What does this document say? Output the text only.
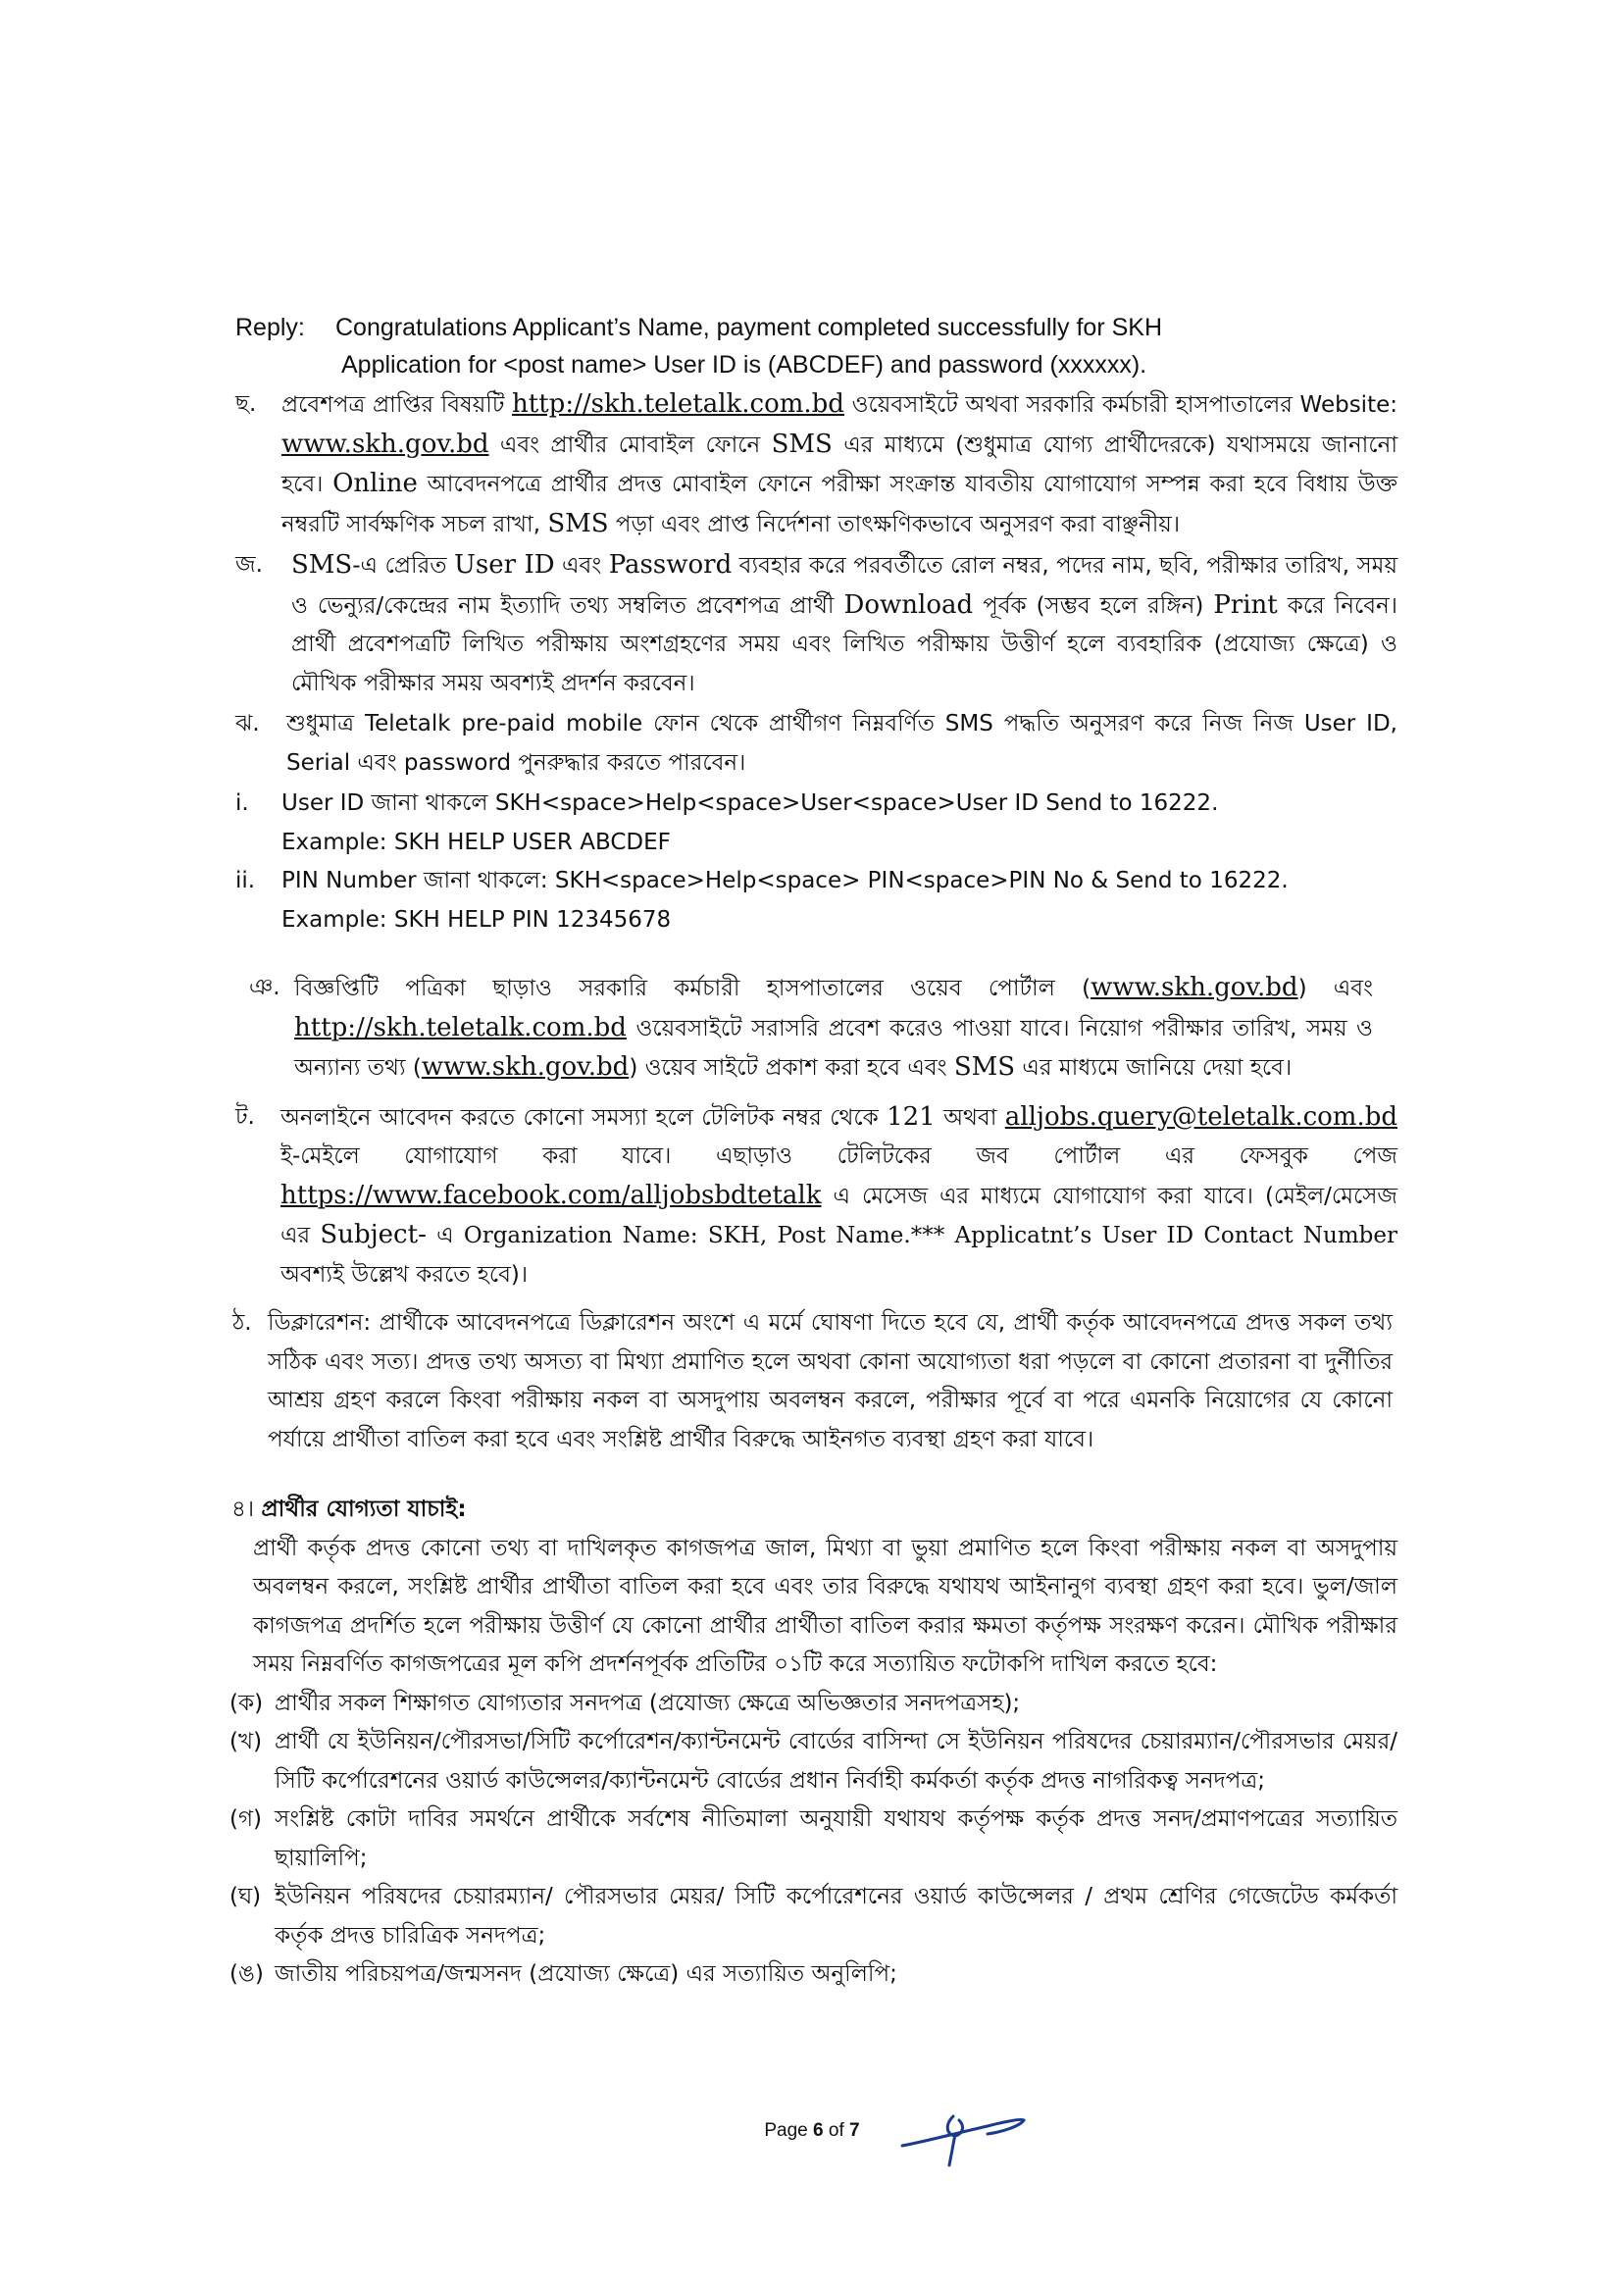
Reply: Congratulations Applicant’s Name, payment completed successfully for SKH
Application for <post name> User ID is (ABCDEF) and password (xxxxxx).

ছ. প্রবেশপত্র প্রাপ্তির বিষয়টি http://skh.teletalk.com.bd ওয়েবসাইটে অথবা সরকারি কর্মচারী হাসপাতালের Website: www.skh.gov.bd এবং প্রার্থীর মোবাইল ফোনে SMS এর মাধ্যমে (শুধুমাত্র যোগ্য প্রার্থীদেরকে) যথাসময়ে জানানো হবে। Online আবেদনপত্রে প্রার্থীর প্রদত্ত মোবাইল ফোনে পরীক্ষা সংক্রান্ত যাবতীয় যোগাযোগ সম্পন্ন করা হবে বিধায় উক্ত নম্বরটি সার্বক্ষণিক সচল রাখা, SMS পড়া এবং প্রাপ্ত নির্দেশনা তাৎক্ষণিকভাবে অনুসরণ করা বাঞ্ছনীয়।
জ. SMS-এ প্রেরিত User ID এবং Password ব্যবহার করে পরবর্তীতে রোল নম্বর, পদের নাম, ছবি, পরীক্ষার তারিখ, সময় ও ভেন্যুর/কেন্দ্রের নাম ইত্যাদি তথ্য সম্বলিত প্রবেশপত্র প্রার্থী Download পূর্বক (সম্ভব হলে রঙ্গিন) Print করে নিবেন। প্রার্থী প্রবেশপত্রটি লিখিত পরীক্ষায় অংশগ্রহণের সময় এবং লিখিত পরীক্ষায় উত্তীর্ণ হলে ব্যবহারিক (প্রযোজ্য ক্ষেত্রে) ও মৌখিক পরীক্ষার সময় অবশ্যই প্রদর্শন করবেন।
ঝ. শুধুমাত্র Teletalk pre-paid mobile ফোন থেকে প্রার্থীগণ নিম্নবর্ণিত SMS পদ্ধতি অনুসরণ করে নিজ নিজ User ID, Serial এবং password পুনরুদ্ধার করতে পারবেন।
i. User ID জানা থাকলে SKH<space>Help<space>User<space>User ID Send to 16222.
Example: SKH HELP USER ABCDEF
ii. PIN Number জানা থাকলে: SKH<space>Help<space> PIN<space>PIN No & Send to 16222.
Example: SKH HELP PIN 12345678
ঞ. বিজ্ঞপ্তিটি পত্রিকা ছাড়াও সরকারি কর্মচারী হাসপাতালের ওয়েব পোর্টাল (www.skh.gov.bd) এবং http://skh.teletalk.com.bd ওয়েবসাইটে সরাসরি প্রবেশ করেও পাওয়া যাবে। নিয়োগ পরীক্ষার তারিখ, সময় ও অন্যান্য তথ্য (www.skh.gov.bd) ওয়েব সাইটে প্রকাশ করা হবে এবং SMS এর মাধ্যমে জানিয়ে দেয়া হবে।
ট. অনলাইনে আবেদন করতে কোনো সমস্যা হলে টেলিটক নম্বর থেকে 121 অথবা alljobs.query@teletalk.com.bd ই-মেইলে যোগাযোগ করা যাবে। এছাড়াও টেলিটকের জব পোর্টাল এর ফেসবুক পেজ https://www.facebook.com/alljobsbdtetalk এ মেসেজ এর মাধ্যমে যোগাযোগ করা যাবে। (মেইল/মেসেজ এর Subject- এ Organization Name: SKH, Post Name.*** Applicatnt’s User ID Contact Number অবশ্যই উল্লেখ করতে হবে)।
ঠ. ডিক্লারেশন: প্রার্থীকে আবেদনপত্রে ডিক্লারেশন অংশে এ মর্মে ঘোষণা দিতে হবে যে, প্রার্থী কর্তৃক আবেদনপত্রে প্রদত্ত সকল তথ্য সঠিক এবং সত্য। প্রদত্ত তথ্য অসত্য বা মিথ্যা প্রমাণিত হলে অথবা কোনা অযোগ্যতা ধরা পড়লে বা কোনো প্রতারনা বা দুর্নীতির আশ্রয় গ্রহণ করলে কিংবা পরীক্ষায় নকল বা অসদুপায় অবলম্বন করলে, পরীক্ষার পূর্বে বা পরে এমনকি নিয়োগের যে কোনো পর্যায়ে প্রার্থীতা বাতিল করা হবে এবং সংশ্লিষ্ট প্রার্থীর বিরুদ্ধে আইনগত ব্যবস্থা গ্রহণ করা যাবে।
৪। প্রার্থীর যোগ্যতা যাচাই:
প্রার্থী কর্তৃক প্রদত্ত কোনো তথ্য বা দাখিলকৃত কাগজপত্র জাল, মিথ্যা বা ভুয়া প্রমাণিত হলে কিংবা পরীক্ষায় নকল বা অসদুপায় অবলম্বন করলে, সংশ্লিষ্ট প্রার্থীর প্রার্থীতা বাতিল করা হবে এবং তার বিরুদ্ধে যথাযথ আইনানুগ ব্যবস্থা গ্রহণ করা হবে। ভুল/জাল কাগজপত্র প্রদর্শিত হলে পরীক্ষায় উত্তীর্ণ যে কোনো প্রার্থীর প্রার্থীতা বাতিল করার ক্ষমতা কর্তৃপক্ষ সংরক্ষণ করেন। মৌখিক পরীক্ষার সময় নিম্নবর্ণিত কাগজপত্রের মূল কপি প্রদর্শনপূর্বক প্রতিটির ০১টি করে সত্যায়িত ফটোকপি দাখিল করতে হবে:
(ক) প্রার্থীর সকল শিক্ষাগত যোগ্যতার সনদপত্র (প্রযোজ্য ক্ষেত্রে অভিজ্ঞতার সনদপত্রসহ);
(খ) প্রার্থী যে ইউনিয়ন/পৌরসভা/সিটি কর্পোরেশন/ক্যান্টনমেন্ট বোর্ডের বাসিন্দা সে ইউনিয়ন পরিষদের চেয়ারম্যান/পৌরসভার মেয়র/সিটি কর্পোরেশনের ওয়ার্ড কাউন্সেলর/ক্যান্টনমেন্ট বোর্ডের প্রধান নির্বাহী কর্মকর্তা কর্তৃক প্রদত্ত নাগরিকত্ব সনদপত্র;
(গ) সংশ্লিষ্ট কোটা দাবির সমর্থনে প্রার্থীকে সর্বশেষ নীতিমালা অনুযায়ী যথাযথ কর্তৃপক্ষ কর্তৃক প্রদত্ত সনদ/প্রমাণপত্রের সত্যায়িত ছায়ালিপি;
(ঘ) ইউনিয়ন পরিষদের চেয়ারম্যান/ পৌরসভার মেয়র/ সিটি কর্পোরেশনের ওয়ার্ড কাউন্সেলর / প্রথম শ্রেণির গেজেটেড কর্মকর্তা কর্তৃক প্রদত্ত চারিত্রিক সনদপত্র;
(ঙ) জাতীয় পরিচয়পত্র/জন্মসনদ (প্রযোজ্য ক্ষেত্রে) এর সত্যায়িত অনুলিপি;
Page 6 of 7
